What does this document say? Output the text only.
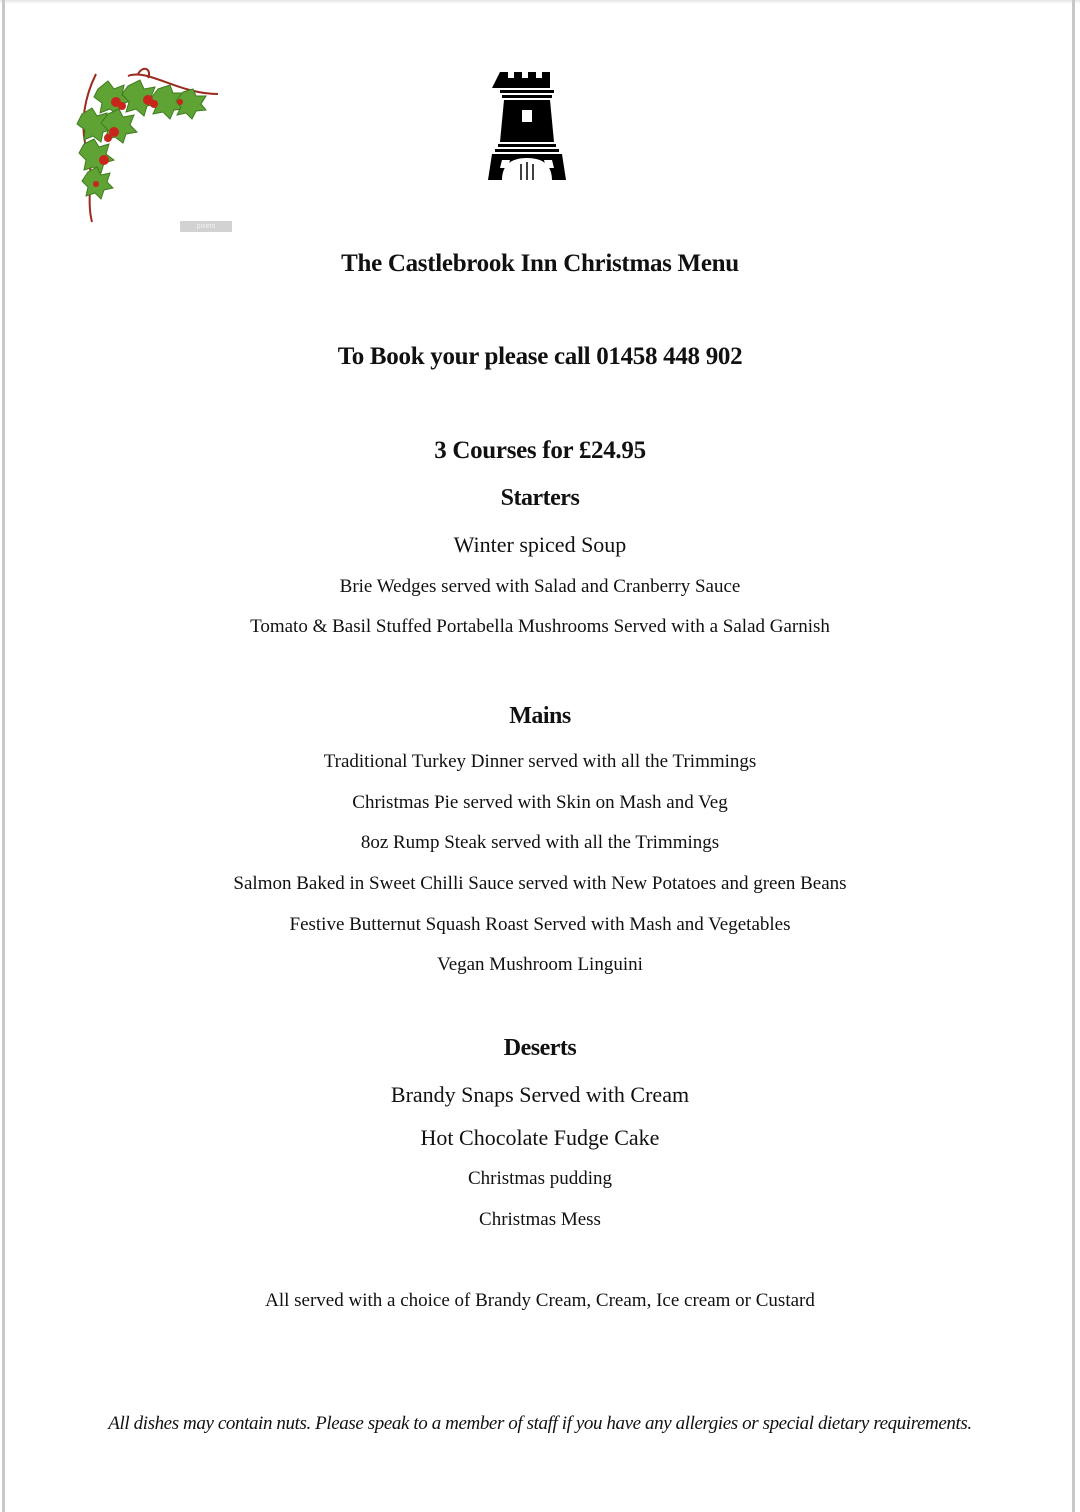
pixers
The Castlebrook Inn Christmas Menu
To Book your please call 01458 448 902
3 Courses for £24.95
Starters
Winter spiced Soup
Brie Wedges served with Salad and Cranberry Sauce
Tomato & Basil Stuffed Portabella Mushrooms Served with a Salad Garnish
Mains
Traditional Turkey Dinner served with all the Trimmings
Christmas Pie served with Skin on Mash and Veg
8oz Rump Steak served with all the Trimmings
Salmon Baked in Sweet Chilli Sauce served with New Potatoes and green Beans
Festive Butternut Squash Roast Served with Mash and Vegetables
Vegan Mushroom Linguini
Deserts
Brandy Snaps Served with Cream
Hot Chocolate Fudge Cake
Christmas pudding
Christmas Mess
All served with a choice of Brandy Cream, Cream, Ice cream or Custard
All dishes may contain nuts. Please speak to a member of staff if you have any allergies or special dietary requirements.
